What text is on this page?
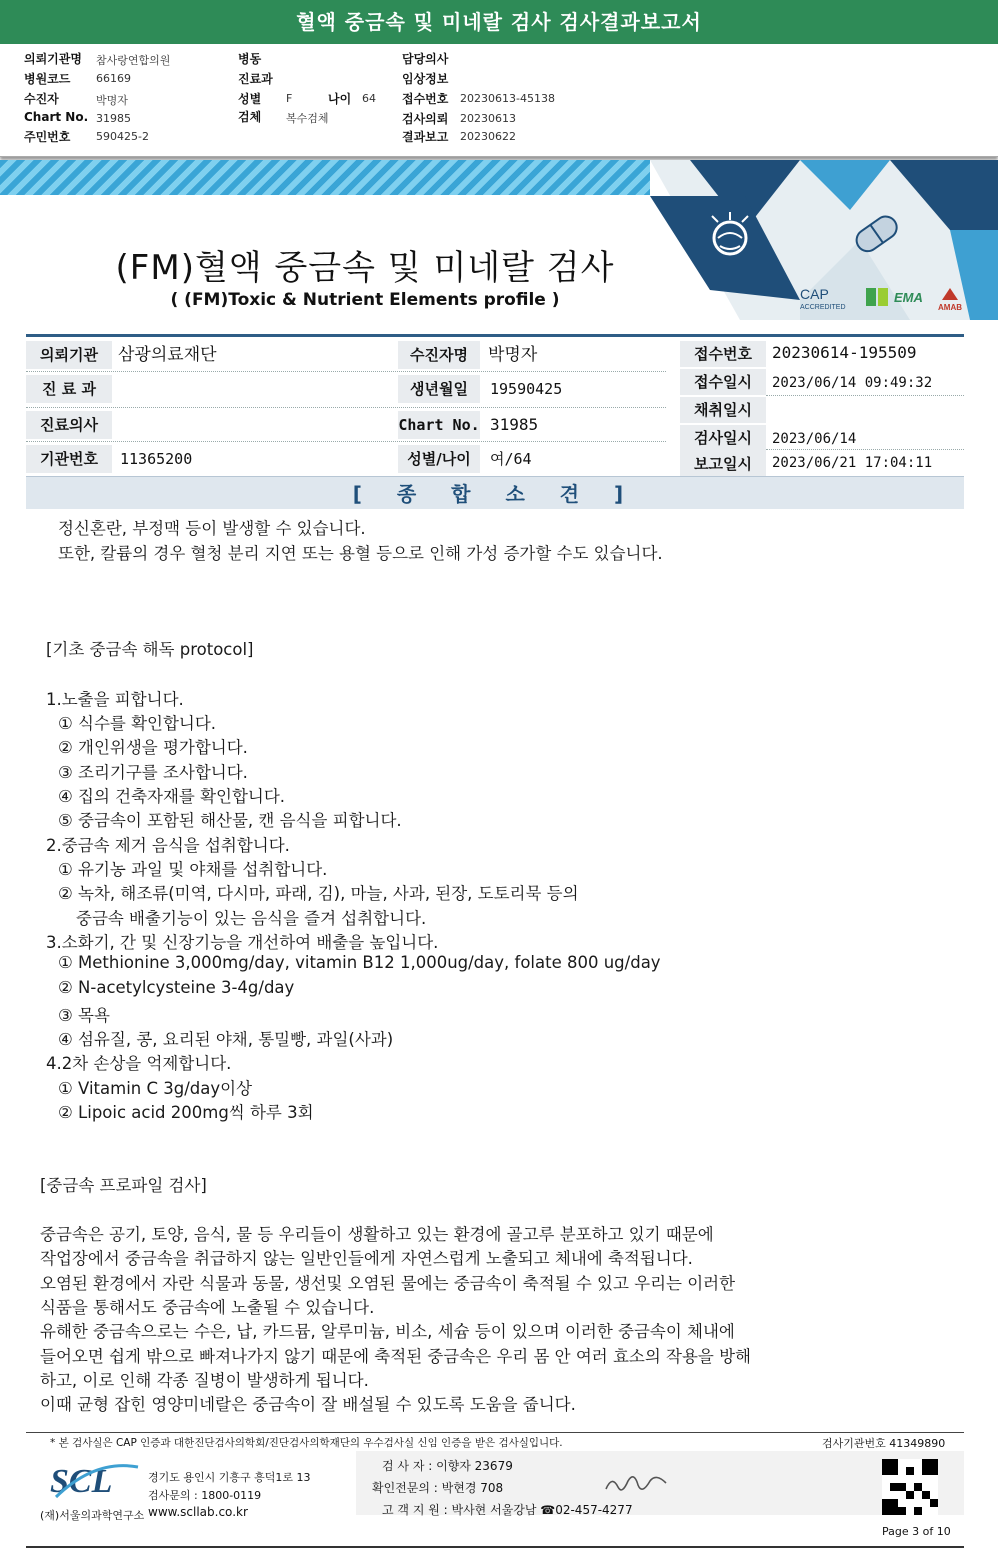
혈액 중금속 및 미네랄 검사 검사결과보고서
의뢰기관명 참사랑연합의원
병원코드 66169
수진자	박명자
Chart No. 31985
주민번호 590425-2
병동
진료과
성별 F	나이 64
검체 복수검체
담당의사
임상정보
접수번호 20230613-45138
검사의뢰 20230613
결과보고 20230622
CAP
ACCREDITED
EMA
AMAB
(FM)혈액 중금속 및 미네랄 검사
( (FM)Toxic & Nutrient Elements profile )
의뢰기관	삼광의료재단	수진자명	박명자
진 료 과	생년월일	19590425
진료의사	Chart No. 31985
기관번호	11365200	성별/나이	여/64
접수번호	20230614-195509
접수일시	2023/06/14 09:49:32
채취일시
검사일시	2023/06/14
보고일시	2023/06/21 17:04:11
[ 종 합 소 견 ]
정신혼란, 부정맥 등이 발생할 수 있습니다.
또한, 칼륨의 경우 혈청 분리 지연 또는 용혈 등으로 인해 가성 증가할 수도 있습니다.
[기초 중금속 해독 protocol]
1.노출을 피합니다.
① 식수를 확인합니다.
② 개인위생을 평가합니다.
③ 조리기구를 조사합니다.
④ 집의 건축자재를 확인합니다.
⑤ 중금속이 포함된 해산물, 캔 음식을 피합니다.
2.중금속 제거 음식을 섭취합니다.
① 유기농 과일 및 야채를 섭취합니다.
② 녹차, 해조류(미역, 다시마, 파래, 김), 마늘, 사과, 된장, 도토리묵 등의
중금속 배출기능이 있는 음식을 즐겨 섭취합니다.
3.소화기, 간 및 신장기능을 개선하여 배출을 높입니다.
① Methionine 3,000mg/day, vitamin B12 1,000ug/day, folate 800 ug/day
② N-acetylcysteine 3-4g/day
③ 목욕
④ 섬유질, 콩, 요리된 야채, 통밀빵, 과일(사과)
4.2차 손상을 억제합니다.
① Vitamin C 3g/day이상
② Lipoic acid 200mg씩 하루 3회
[중금속 프로파일 검사]
중금속은 공기, 토양, 음식, 물 등 우리들이 생활하고 있는 환경에 골고루 분포하고 있기 때문에
작업장에서 중금속을 취급하지 않는 일반인들에게 자연스럽게 노출되고 체내에 축적됩니다.
오염된 환경에서 자란 식물과 동물, 생선및 오염된 물에는 중금속이 축적될 수 있고 우리는 이러한
식품을 통해서도 중금속에 노출될 수 있습니다.
유해한 중금속으로는 수은, 납, 카드뮴, 알루미늄, 비소, 세슘 등이 있으며 이러한 중금속이 체내에
들어오면 쉽게 밖으로 빠져나가지 않기 때문에 축적된 중금속은 우리 몸 안 여러 효소의 작용을 방해
하고, 이로 인해 각종 질병이 발생하게 됩니다.
이때 균형 잡힌 영양미네랄은 중금속이 잘 배설될 수 있도록 도움을 줍니다.
* 본 검사실은 CAP 인증과 대한진단검사의학회/진단검사의학재단의 우수검사실 신임 인증을 받은 검사실입니다.	검사기관번호 41349890
SCL
(재)서울의과학연구소
경기도 용인시 기흥구 흥덕1로 13
검사문의 : 1800-0119
www.scllab.co.kr
검 사 자 : 이향자 23679
확인전문의 : 박현경 708
고 객 지 원 : 박사현 서울강남 ☎02-457-4277
Page 3 of 10
